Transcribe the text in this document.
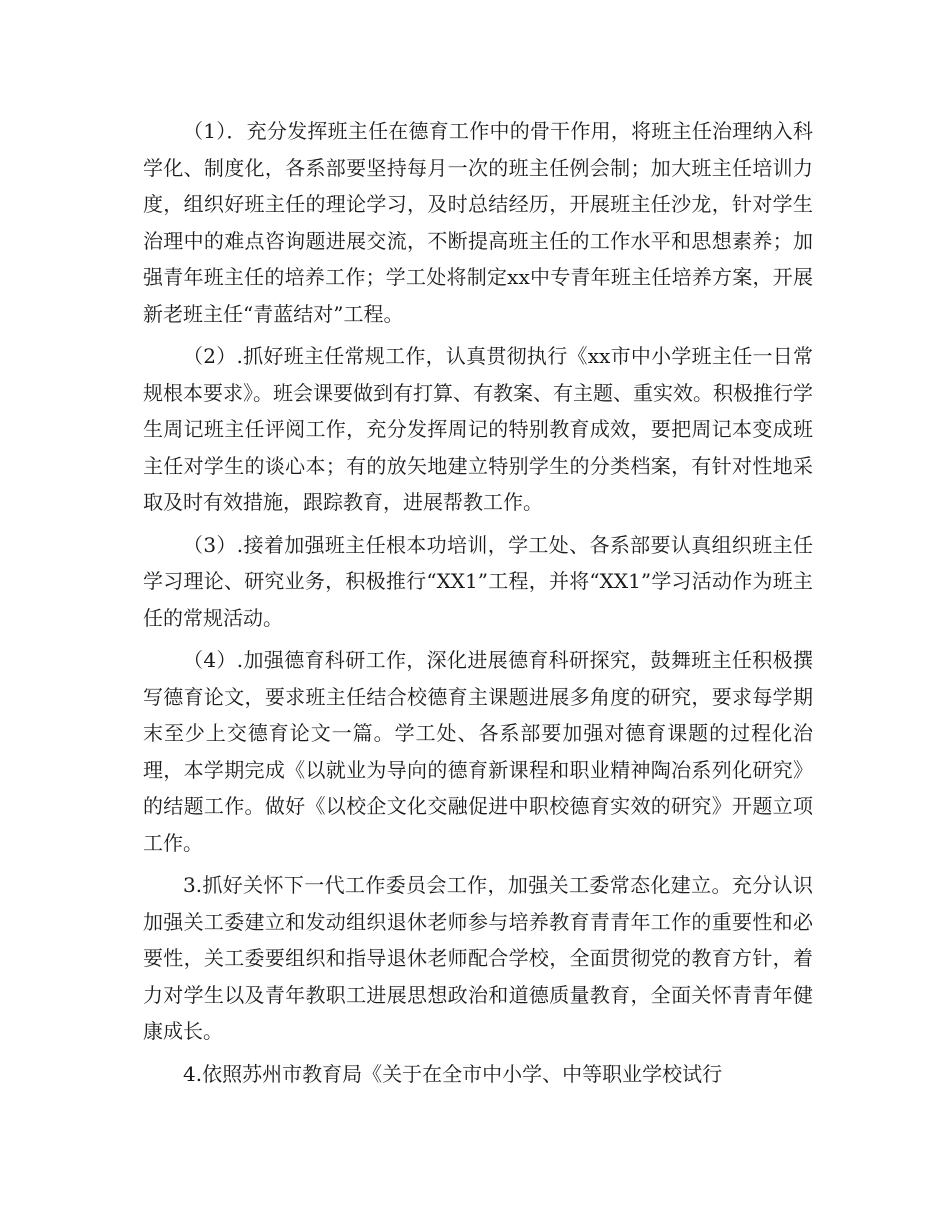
（1）．充分发挥班主任在德育工作中的骨干作用，将班主任治理纳入科学化、制度化，各系部要坚持每月一次的班主任例会制；加大班主任培训力度，组织好班主任的理论学习，及时总结经历，开展班主任沙龙，针对学生治理中的难点咨询题进展交流，不断提高班主任的工作水平和思想素养；加强青年班主任的培养工作；学工处将制定xx中专青年班主任培养方案，开展新老班主任“青蓝结对”工程。

（2）.抓好班主任常规工作，认真贯彻执行《xx市中小学班主任一日常规根本要求》。班会课要做到有打算、有教案、有主题、重实效。积极推行学生周记班主任评阅工作，充分发挥周记的特别教育成效，要把周记本变成班主任对学生的谈心本；有的放矢地建立特别学生的分类档案，有针对性地采取及时有效措施，跟踪教育，进展帮教工作。

（3）.接着加强班主任根本功培训，学工处、各系部要认真组织班主任学习理论、研究业务，积极推行“XX1”工程，并将“XX1”学习活动作为班主任的常规活动。

（4）.加强德育科研工作，深化进展德育科研探究，鼓舞班主任积极撰写德育论文，要求班主任结合校德育主课题进展多角度的研究，要求每学期末至少上交德育论文一篇。学工处、各系部要加强对德育课题的过程化治理，本学期完成《以就业为导向的德育新课程和职业精神陶冶系列化研究》的结题工作。做好《以校企文化交融促进中职校德育实效的研究》开题立项工作。

3.抓好关怀下一代工作委员会工作，加强关工委常态化建立。充分认识加强关工委建立和发动组织退休老师参与培养教育青青年工作的重要性和必要性，关工委要组织和指导退休老师配合学校，全面贯彻党的教育方针，着力对学生以及青年教职工进展思想政治和道德质量教育，全面关怀青青年健康成长。

4.依照苏州市教育局《关于在全市中小学、中等职业学校试行
